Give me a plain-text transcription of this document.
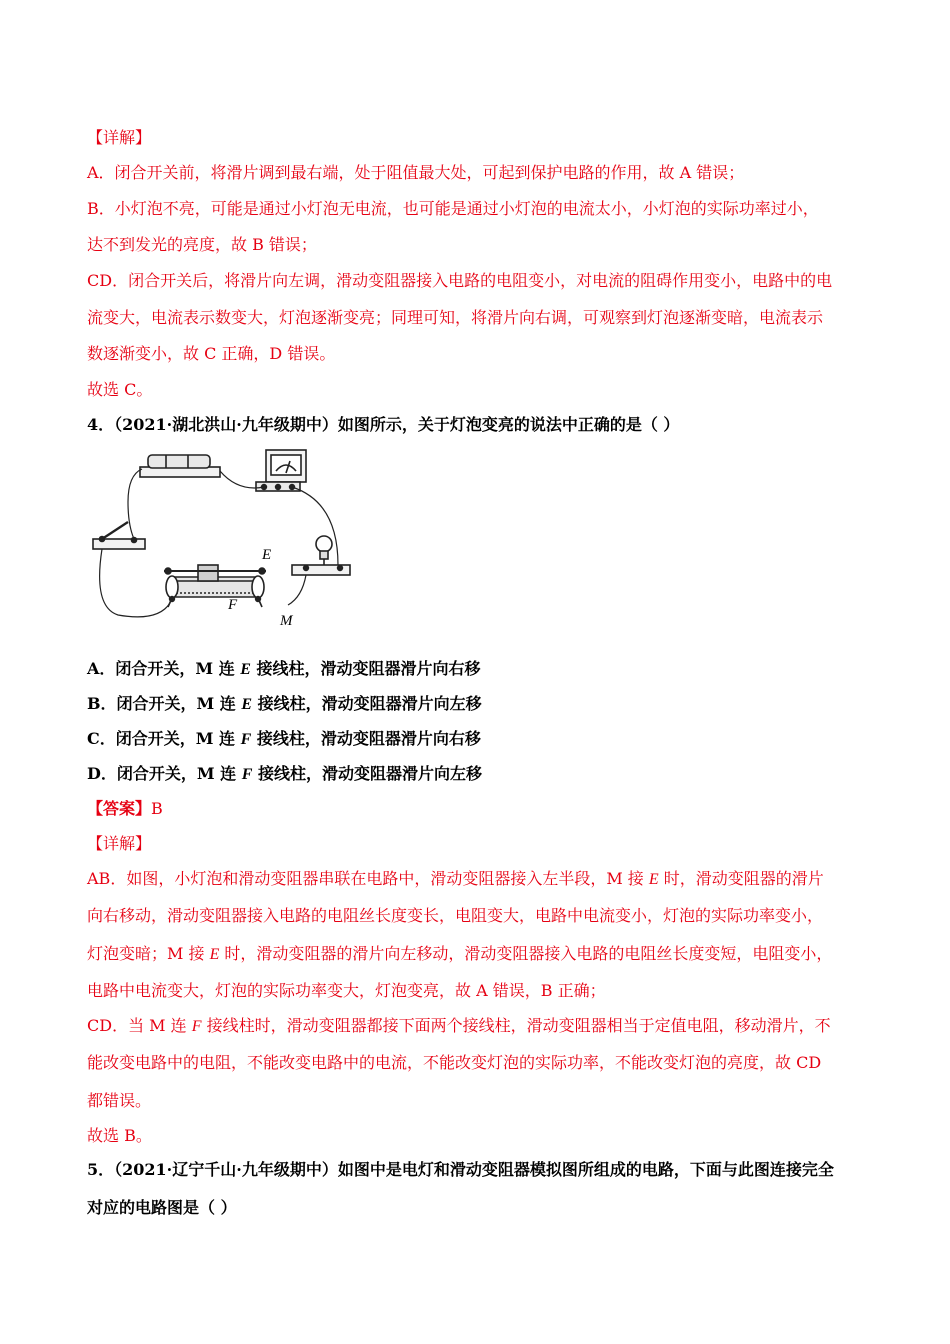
【详解】
A．闭合开关前，将滑片调到最右端，处于阻值最大处，可起到保护电路的作用，故 A 错误；
B．小灯泡不亮，可能是通过小灯泡无电流，也可能是通过小灯泡的电流太小，小灯泡的实际功率过小，
达不到发光的亮度，故 B 错误；
CD．闭合开关后，将滑片向左调，滑动变阻器接入电路的电阻变小，对电流的阻碍作用变小，电路中的电
流变大，电流表示数变大，灯泡逐渐变亮；同理可知，将滑片向右调，可观察到灯泡逐渐变暗，电流表示
数逐渐变小，故 C 正确，D 错误。
故选 C。
4．（2021·湖北洪山·九年级期中）如图所示，关于灯泡变亮的说法中正确的是（ ）
E
F
M
A．闭合开关，M 连 E 接线柱，滑动变阻器滑片向右移
B．闭合开关，M 连 E 接线柱，滑动变阻器滑片向左移
C．闭合开关，M 连 F 接线柱，滑动变阻器滑片向右移
D．闭合开关，M 连 F 接线柱，滑动变阻器滑片向左移
【答案】B
【详解】
AB．如图，小灯泡和滑动变阻器串联在电路中，滑动变阻器接入左半段，M 接 E 时，滑动变阻器的滑片
向右移动，滑动变阻器接入电路的电阻丝长度变长，电阻变大，电路中电流变小，灯泡的实际功率变小，
灯泡变暗；M 接 E 时，滑动变阻器的滑片向左移动，滑动变阻器接入电路的电阻丝长度变短，电阻变小，
电路中电流变大，灯泡的实际功率变大，灯泡变亮，故 A 错误，B 正确；
CD．当 M 连 F 接线柱时，滑动变阻器都接下面两个接线柱，滑动变阻器相当于定值电阻，移动滑片，不
能改变电路中的电阻，不能改变电路中的电流，不能改变灯泡的实际功率，不能改变灯泡的亮度，故 CD
都错误。
故选 B。
5．（2021·辽宁千山·九年级期中）如图中是电灯和滑动变阻器模拟图所组成的电路，下面与此图连接完全
对应的电路图是（ ）
